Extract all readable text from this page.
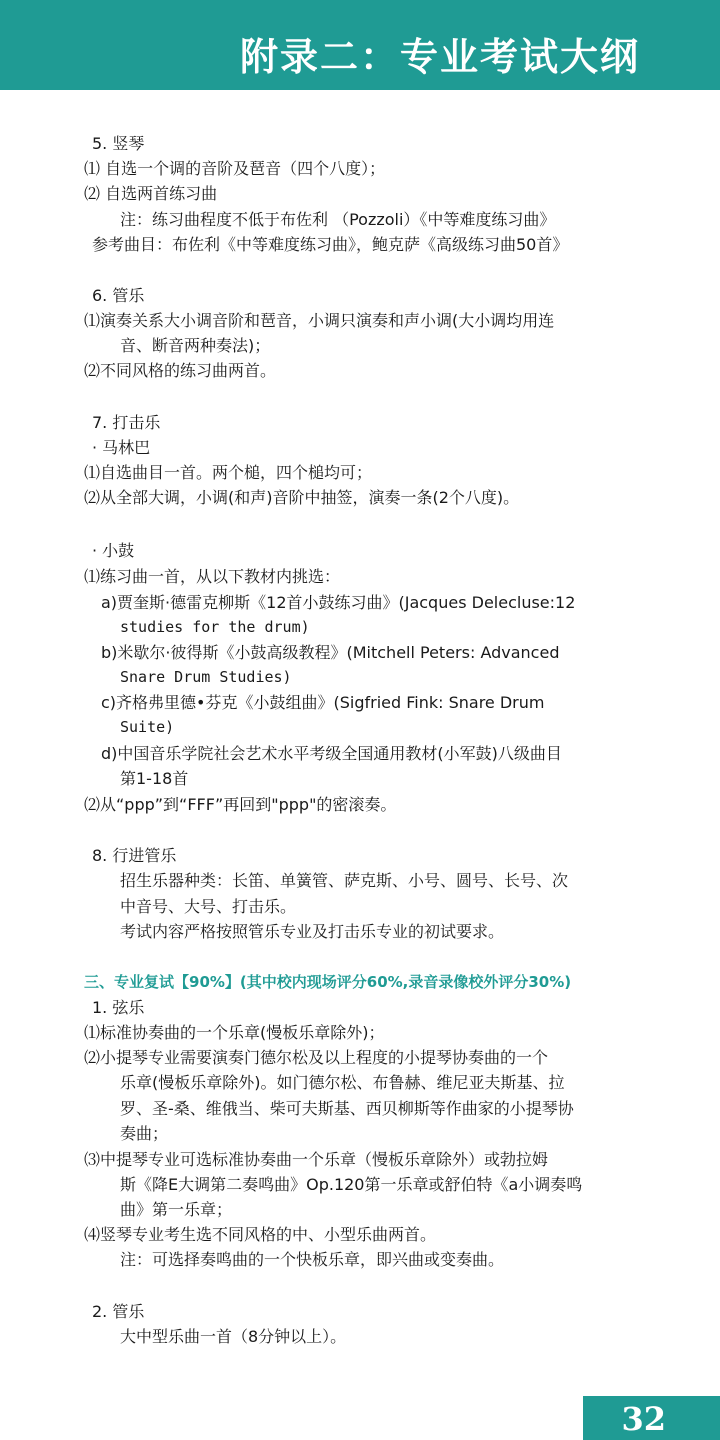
附录二：专业考试大纲
5. 竖琴
⑴ 自选一个调的音阶及琶音（四个八度）；
⑵ 自选两首练习曲
注：练习曲程度不低于布佐利 （Pozzoli）《中等难度练习曲》
参考曲目：布佐利《中等难度练习曲》，鲍克萨《高级练习曲50首》
6. 管乐
⑴演奏关系大小调音阶和琶音，小调只演奏和声小调(大小调均用连
音、断音两种奏法)；
⑵不同风格的练习曲两首。
7. 打击乐
· 马林巴
⑴自选曲目一首。两个槌，四个槌均可；
⑵从全部大调，小调(和声)音阶中抽签，演奏一条(2个八度)。
· 小鼓
⑴练习曲一首，从以下教材内挑选：
a)贾奎斯·德雷克柳斯《12首小鼓练习曲》(Jacques Delecluse:12
studies for the drum)
b)米歇尔·彼得斯《小鼓高级教程》(Mitchell Peters: Advanced
Snare Drum Studies)
c)齐格弗里德•芬克《小鼓组曲》(Sigfried Fink: Snare Drum
Suite)
d)中国音乐学院社会艺术水平考级全国通用教材(小军鼓)八级曲目
第1-18首
⑵从“ppp”到“FFF”再回到"ppp"的密滚奏。
8. 行进管乐
招生乐器种类：长笛、单簧管、萨克斯、小号、圆号、长号、次
中音号、大号、打击乐。
考试内容严格按照管乐专业及打击乐专业的初试要求。
三、专业复试【90%】(其中校内现场评分60%,录音录像校外评分30%)
1. 弦乐
⑴标准协奏曲的一个乐章(慢板乐章除外)；
⑵小提琴专业需要演奏门德尔松及以上程度的小提琴协奏曲的一个
乐章(慢板乐章除外)。如门德尔松、布鲁赫、维尼亚夫斯基、拉
罗、圣-桑、维俄当、柴可夫斯基、西贝柳斯等作曲家的小提琴协
奏曲；
⑶中提琴专业可选标准协奏曲一个乐章（慢板乐章除外）或勃拉姆
斯《降E大调第二奏鸣曲》Op.120第一乐章或舒伯特《a小调奏鸣
曲》第一乐章；
⑷竖琴专业考生选不同风格的中、小型乐曲两首。
注：可选择奏鸣曲的一个快板乐章，即兴曲或变奏曲。
2. 管乐
大中型乐曲一首（8分钟以上）。
32
